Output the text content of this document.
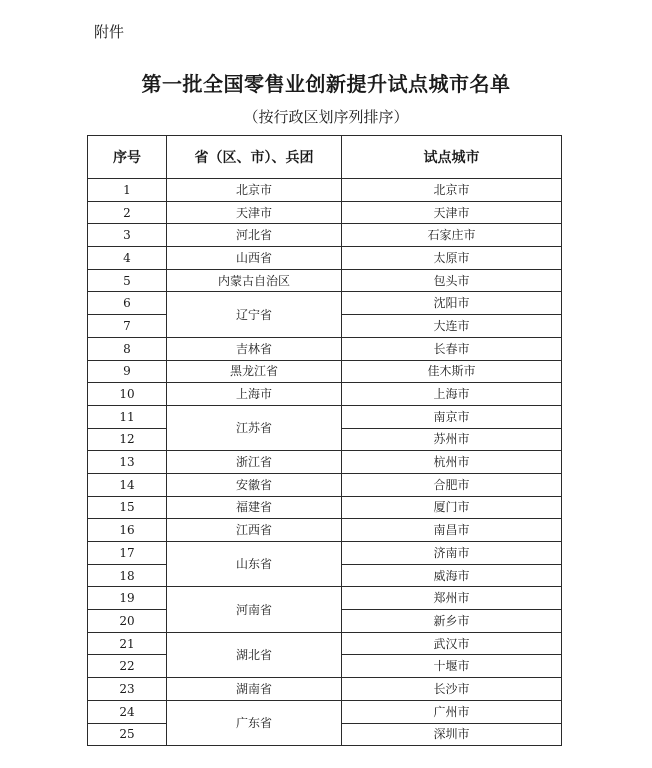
附件
第一批全国零售业创新提升试点城市名单
（按行政区划序列排序）
序号	省（区、市）、兵团	试点城市
1	北京市	北京市
2	天津市	天津市
3	河北省	石家庄市
4	山西省	太原市
5	内蒙古自治区	包头市
6	辽宁省	沈阳市
7		大连市
8	吉林省	长春市
9	黑龙江省	佳木斯市
10	上海市	上海市
11	江苏省	南京市
12		苏州市
13	浙江省	杭州市
14	安徽省	合肥市
15	福建省	厦门市
16	江西省	南昌市
17	山东省	济南市
18		威海市
19	河南省	郑州市
20		新乡市
21	湖北省	武汉市
22		十堰市
23	湖南省	长沙市
24	广东省	广州市
25		深圳市
